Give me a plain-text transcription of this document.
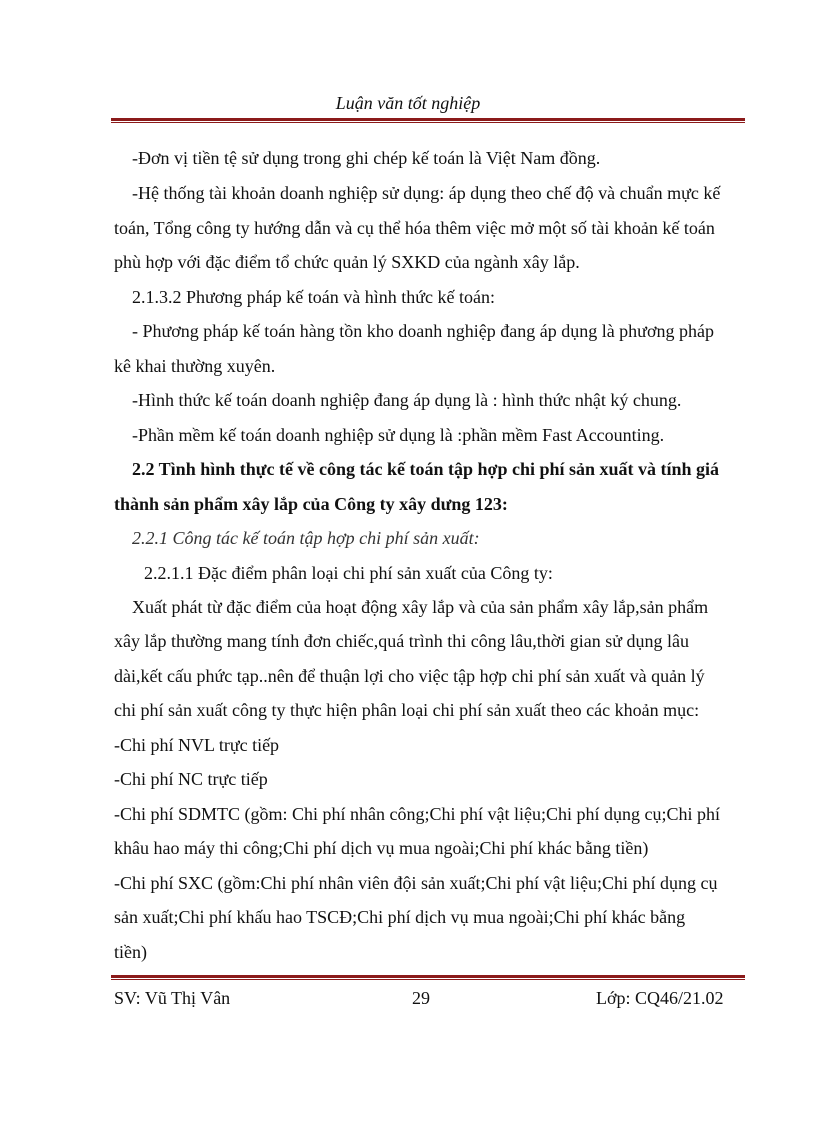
Luận văn tốt nghiệp
-Đơn vị tiền tệ sử dụng trong ghi chép kế toán là Việt Nam đồng.
-Hệ thống tài khoản doanh nghiệp sử dụng: áp dụng theo chế độ và chuẩn mực kế
toán, Tổng công ty hướng dẫn và cụ thể hóa thêm việc mở một số tài khoản kế toán
phù hợp với đặc điểm tổ chức quản lý SXKD của ngành xây lắp.
2.1.3.2 Phương pháp kế toán và hình thức kế toán:
- Phương pháp kế toán hàng tồn kho doanh nghiệp đang áp dụng là phương pháp
kê khai thường xuyên.
-Hình thức kế toán doanh nghiệp đang áp dụng là : hình thức nhật ký chung.
-Phần mềm kế toán doanh nghiệp sử dụng là :phần mềm Fast Accounting.
2.2 Tình hình thực tế về công tác kế toán tập hợp chi phí sản xuất và tính giá
thành sản phẩm xây lắp của Công ty xây dưng 123:
2.2.1 Công tác kế toán tập hợp chi phí sản xuất:
2.2.1.1 Đặc điểm phân loại chi phí sản xuất của Công ty:
Xuất phát từ đặc điểm của hoạt động xây lắp và của sản phẩm xây lắp,sản phẩm
xây lắp thường mang tính đơn chiếc,quá trình thi công lâu,thời gian sử dụng lâu
dài,kết cấu phức tạp..nên để thuận lợi cho việc tập hợp chi phí sản xuất và quản lý
chi phí sản xuất công ty thực hiện phân loại chi phí sản xuất theo các khoản mục:
-Chi phí NVL trực tiếp
-Chi phí NC trực tiếp
-Chi phí SDMTC (gồm: Chi phí nhân công;Chi phí vật liệu;Chi phí dụng cụ;Chi phí
khâu hao máy thi công;Chi phí dịch vụ mua ngoài;Chi phí khác bằng tiền)
-Chi phí SXC (gồm:Chi phí nhân viên đội sản xuất;Chi phí vật liệu;Chi phí dụng cụ
sản xuất;Chi phí khấu hao TSCĐ;Chi phí dịch vụ mua ngoài;Chi phí khác bằng
tiền)
SV: Vũ Thị Vân	29	Lớp: CQ46/21.02
